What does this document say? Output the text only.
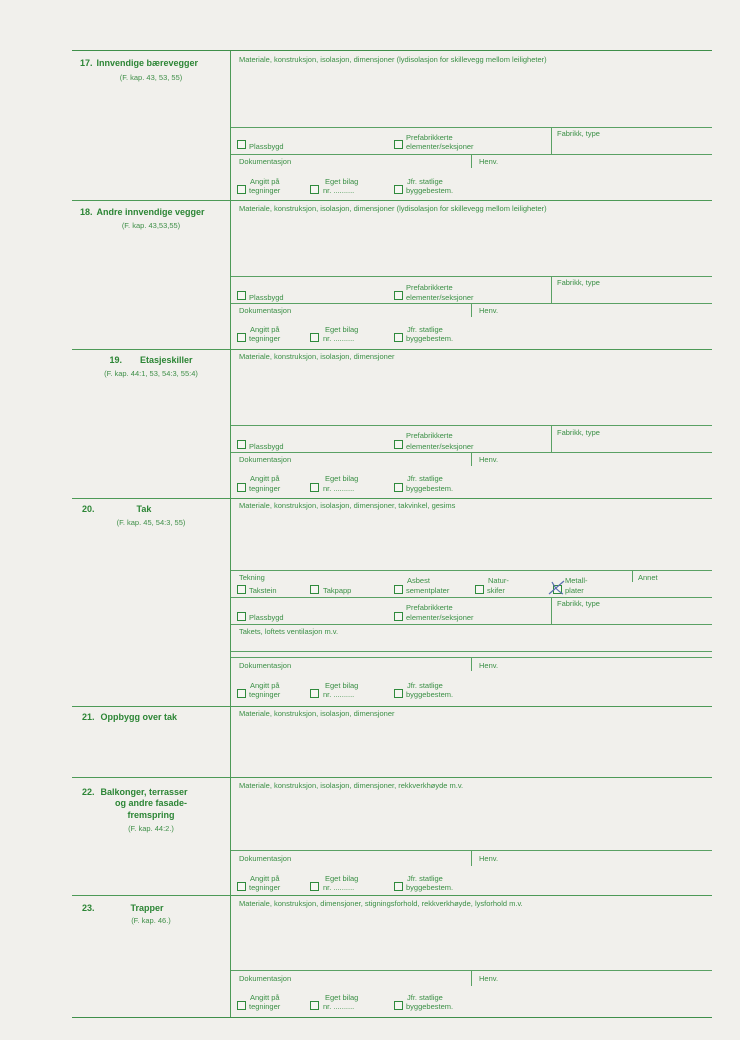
17. Innvendige bærevegger
(F. kap. 43, 53, 55)
Materiale, konstruksjon, isolasjon, dimensjoner (lydisolasjon for skillevegg mellom leiligheter)
Plassbygd
Prefabrikkerte
elementer/seksjoner
Fabrikk, type
Dokumentasjon	Henv.
Angitt på
tegninger
Eget bilag
nr. ..........
Jfr. statlige
byggebestem.
18. Andre innvendige vegger
(F. kap. 43,53,55)
Materiale, konstruksjon, isolasjon, dimensjoner (lydisolasjon for skillevegg mellom leiligheter)
Plassbygd
Prefabrikkerte
elementer/seksjoner
Fabrikk, type
Dokumentasjon	Henv.
Angitt på
tegninger
Eget bilag
nr. ..........
Jfr. statlige
byggebestem.
19. Etasjeskiller
(F. kap. 44:1, 53, 54:3, 55:4)
Materiale, konstruksjon, isolasjon, dimensjoner
Plassbygd
Prefabrikkerte
elementer/seksjoner
Fabrikk, type
Dokumentasjon	Henv.
Angitt på
tegninger
Eget bilag
nr. ..........
Jfr. statlige
byggebestem.
20.	Tak
(F. kap. 45, 54:3, 55)
Materiale, konstruksjon, isolasjon, dimensjoner, takvinkel, gesims
Tekning
Takstein	Takpapp
Asbest
sementplater
Natur-
skifer
Metall-
plater
Annet
Plassbygd
Prefabrikkerte
elementer/seksjoner
Fabrikk, type
Takets, loftets ventilasjon m.v.
Dokumentasjon	Henv.
Angitt på
tegninger
Eget bilag
nr. ..........
Jfr. statlige
byggebestem.
21. Oppbygg over tak	Materiale, konstruksjon, isolasjon, dimensjoner
22. Balkonger, terrasser
og andre fasade-
fremspring
(F. kap. 44:2.)
Materiale, konstruksjon, isolasjon, dimensjoner, rekkverkhøyde m.v.
Dokumentasjon	Henv.
Angitt på
tegninger
Eget bilag
nr. ..........
Jfr. statlige
byggebestem.
23.	Trapper
(F. kap. 46.)
Materiale, konstruksjon, dimensjoner, stigningsforhold, rekkverkhøyde, lysforhold m.v.
Dokumentasjon	Henv.
Angitt på
tegninger
Eget bilag
nr. ..........
Jfr. statlige
byggebestem.
